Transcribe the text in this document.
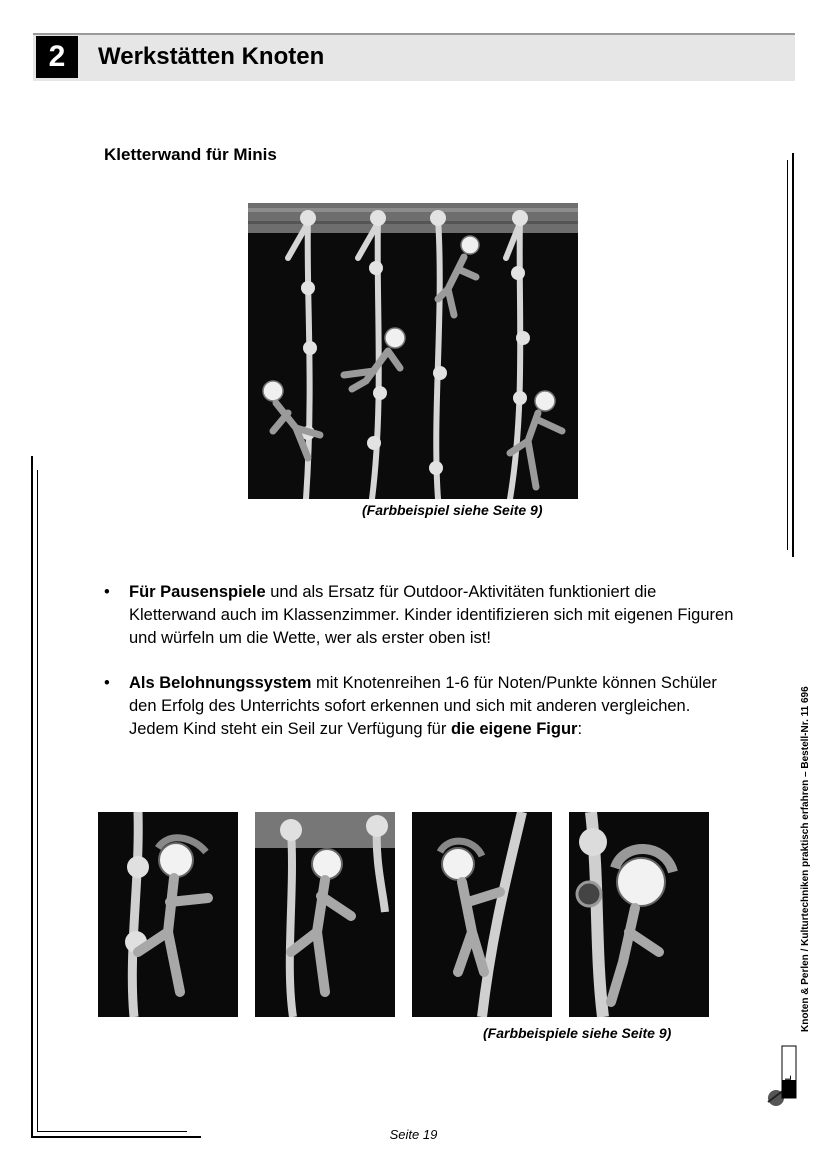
2	Werkstätten Knoten
Kletterwand für Minis
(Farbbeispiel siehe Seite 9)
• Für Pausenspiele und als Ersatz für Outdoor-Aktivitäten funktioniert die Kletterwand auch im Klassenzimmer. Kinder identifizieren sich mit eigenen Figuren und würfeln um die Wette, wer als erster oben ist!
• Als Belohnungssystem mit Knotenreihen 1-6 für Noten/Punkte können Schüler den Erfolg des Unterrichts sofort erkennen und sich mit anderen vergleichen. Jedem Kind steht ein Seil zur Verfügung für die eigene Figur:
(Farbbeispiele siehe Seite 9)
Knoten & Perlen / Kulturtechniken praktisch erfahren – Bestell-Nr. 11 696
KOHL
Seite 19
